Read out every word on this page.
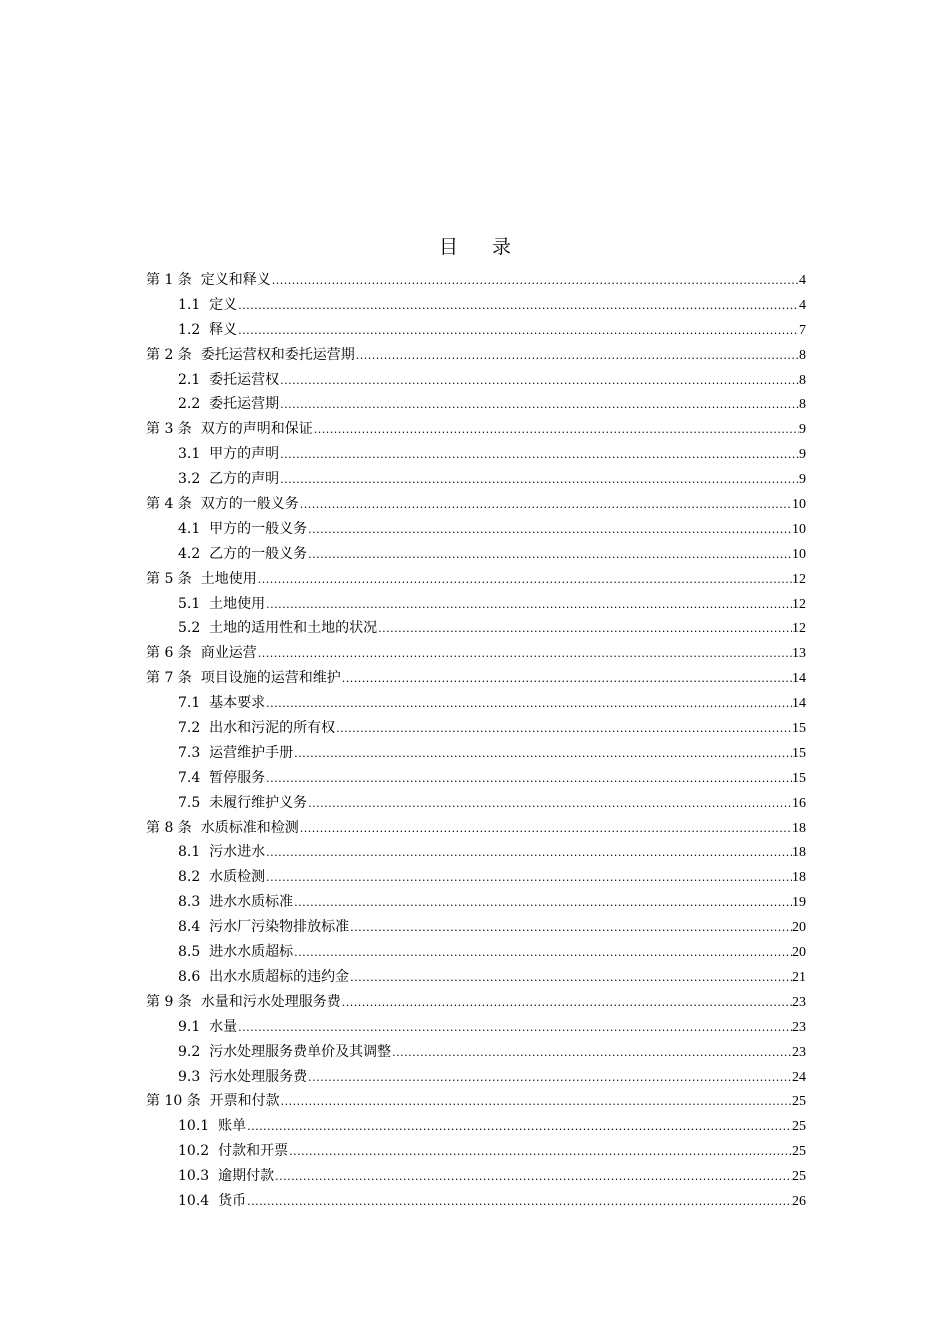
目 录
第 1 条  定义和释义 .....	4
1.1  定义 .....	4
1.2  释义 .....	7
第 2 条  委托运营权和委托运营期 .....	8
2.1  委托运营权 .....	8
2.2  委托运营期 .....	8
第 3 条  双方的声明和保证 .....	9
3.1  甲方的声明 .....	9
3.2  乙方的声明 .....	9
第 4 条  双方的一般义务 .....	10
4.1  甲方的一般义务 .....	10
4.2  乙方的一般义务 .....	10
第 5 条  土地使用 .....	12
5.1  土地使用 .....	12
5.2  土地的适用性和土地的状况 .....	12
第 6 条  商业运营 .....	13
第 7 条  项目设施的运营和维护 .....	14
7.1  基本要求 .....	14
7.2  出水和污泥的所有权 .....	15
7.3  运营维护手册 .....	15
7.4  暂停服务 .....	15
7.5  未履行维护义务 .....	16
第 8 条  水质标准和检测 .....	18
8.1  污水进水 .....	18
8.2  水质检测 .....	18
8.3  进水水质标准 .....	19
8.4  污水厂污染物排放标准 .....	20
8.5  进水水质超标 .....	20
8.6  出水水质超标的违约金 .....	21
第 9 条  水量和污水处理服务费 .....	23
9.1  水量 .....	23
9.2  污水处理服务费单价及其调整 .....	23
9.3  污水处理服务费 .....	24
第 10 条  开票和付款 .....	25
10.1  账单 .....	25
10.2  付款和开票 .....	25
10.3  逾期付款 .....	25
10.4  货币 .....	26
